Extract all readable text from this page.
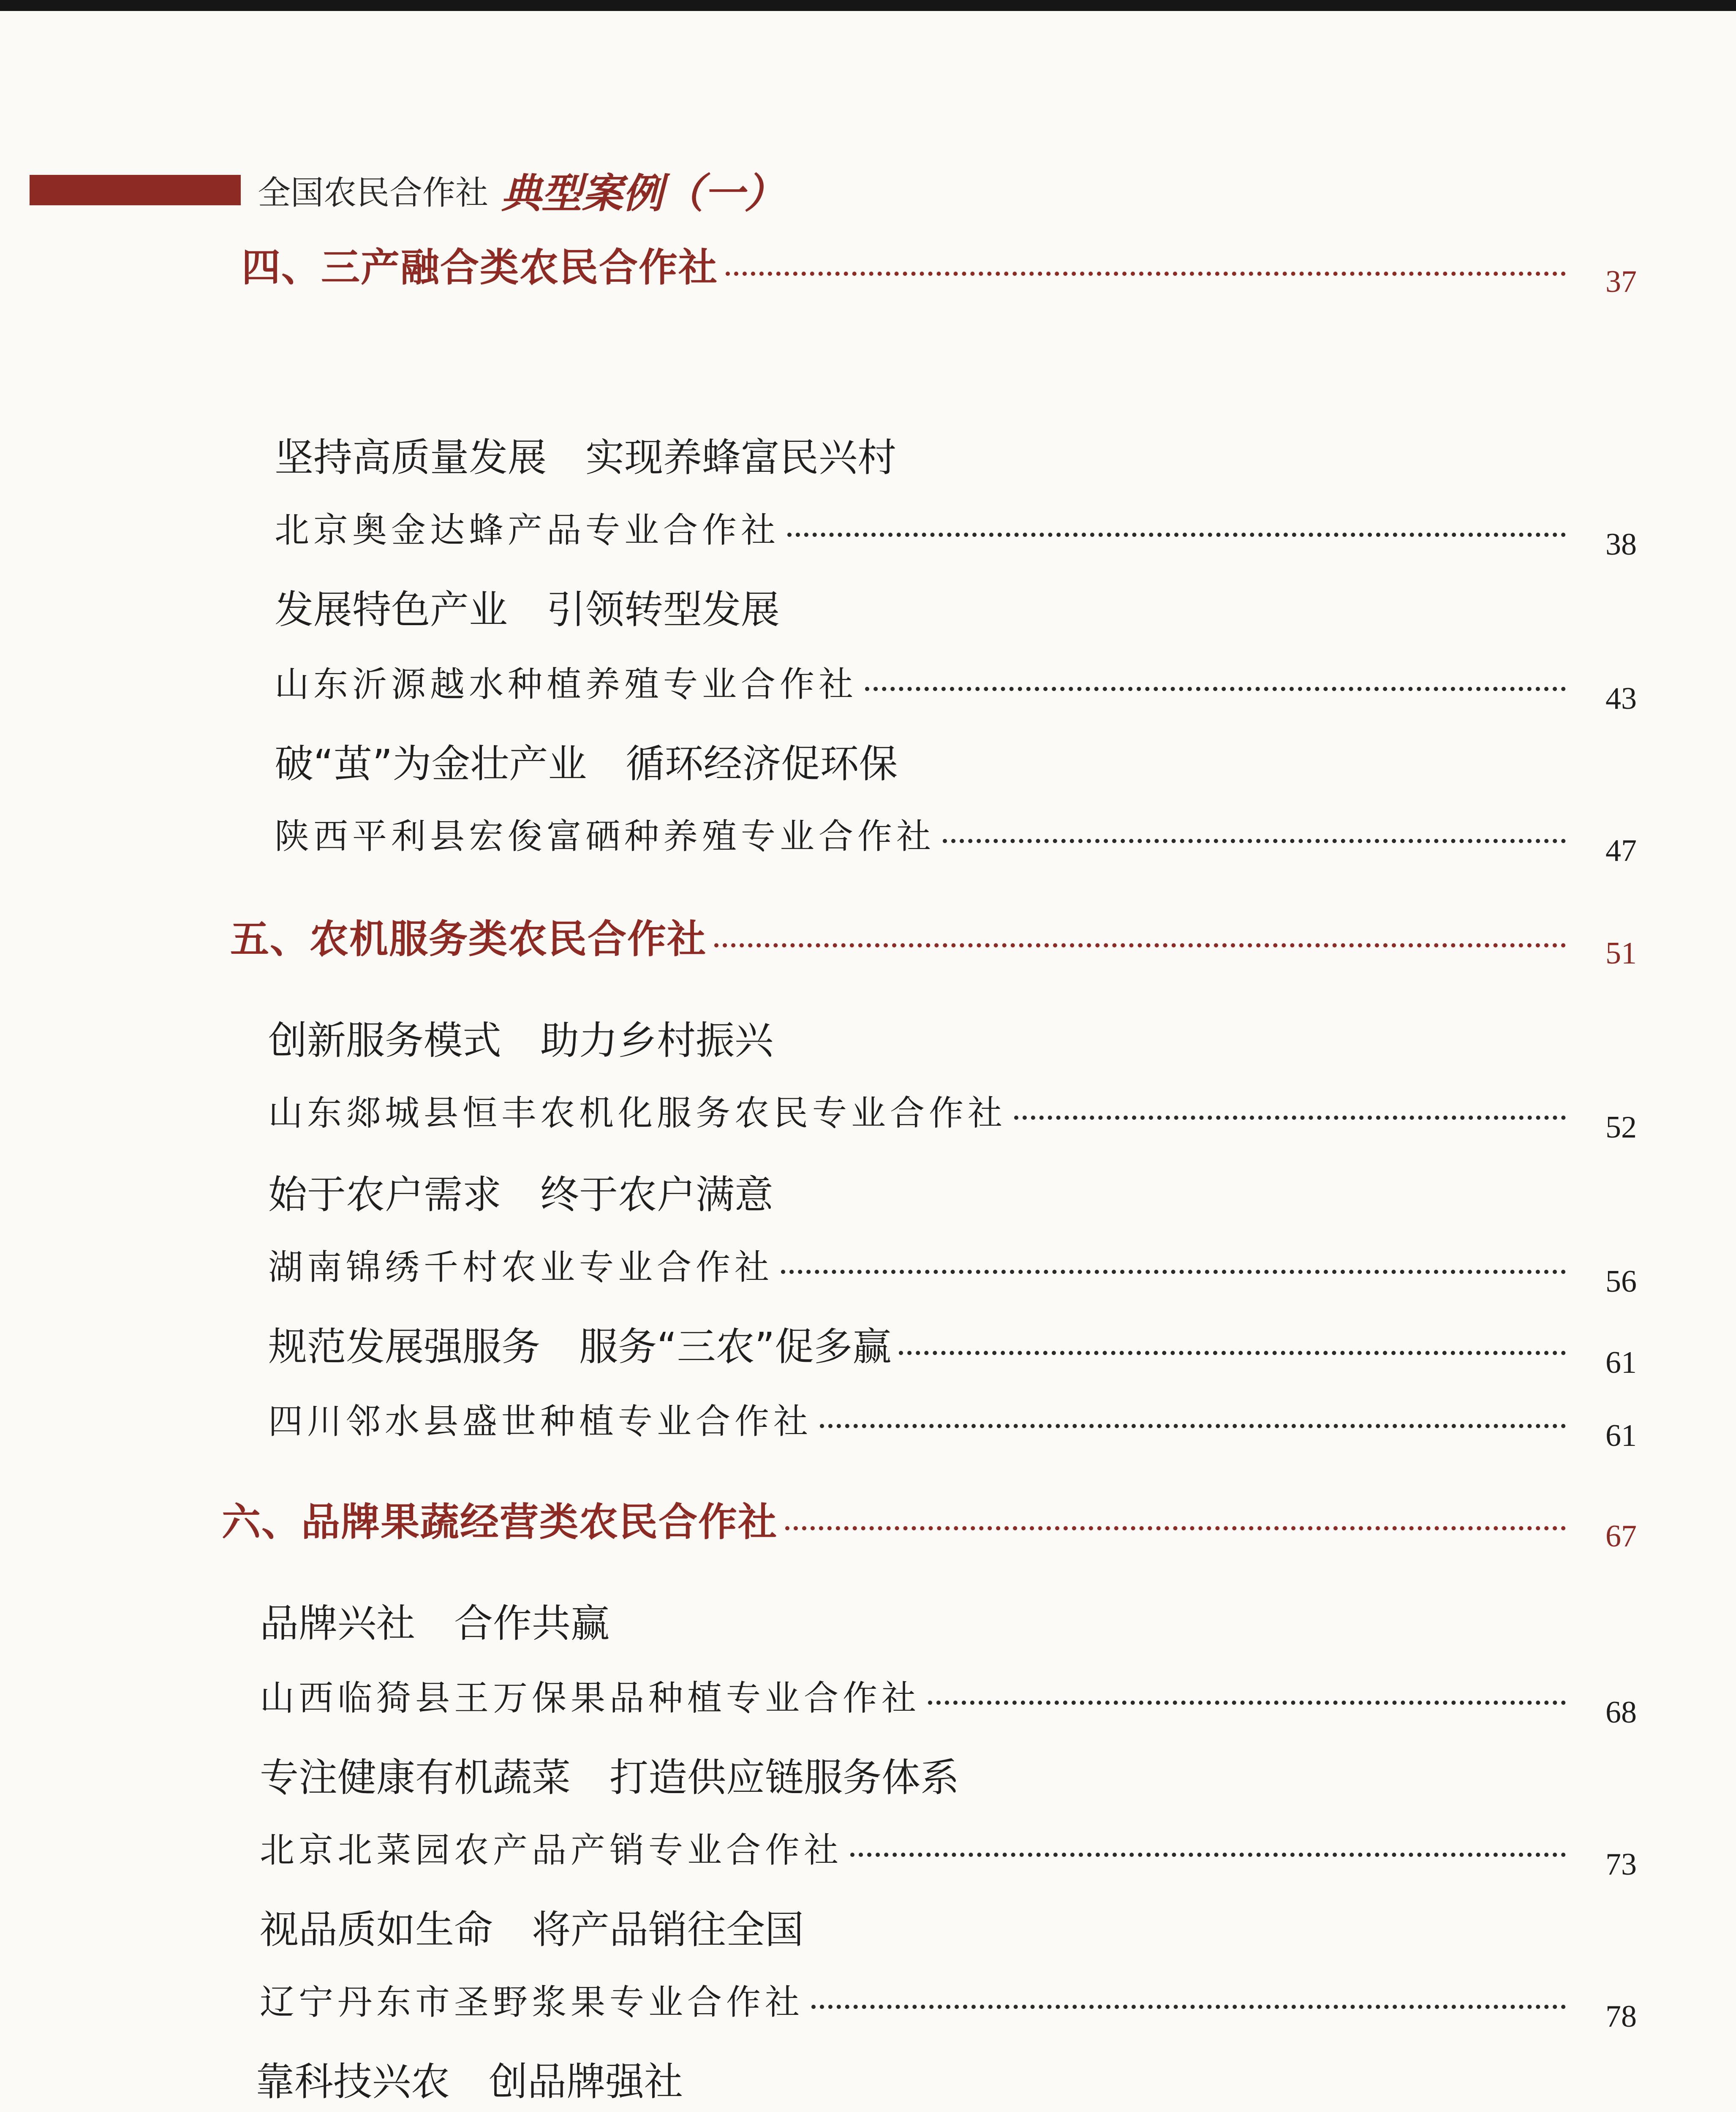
全国农民合作社 典型案例（一）
四、三产融合类农民合作社	37
坚持高质量发展　实现养蜂富民兴村
北京奥金达蜂产品专业合作社	38
发展特色产业　引领转型发展
山东沂源越水种植养殖专业合作社	43
破“茧”为金壮产业　循环经济促环保
陕西平利县宏俊富硒种养殖专业合作社	47
五、农机服务类农民合作社	51
创新服务模式　助力乡村振兴
山东郯城县恒丰农机化服务农民专业合作社	52
始于农户需求　终于农户满意
湖南锦绣千村农业专业合作社	56
规范发展强服务　服务“三农”促多赢	61
四川邻水县盛世种植专业合作社	61
六、品牌果蔬经营类农民合作社	67
品牌兴社　合作共赢
山西临猗县王万保果品种植专业合作社	68
专注健康有机蔬菜　打造供应链服务体系
北京北菜园农产品产销专业合作社	73
视品质如生命　将产品销往全国
辽宁丹东市圣野浆果专业合作社	78
靠科技兴农　创品牌强社
